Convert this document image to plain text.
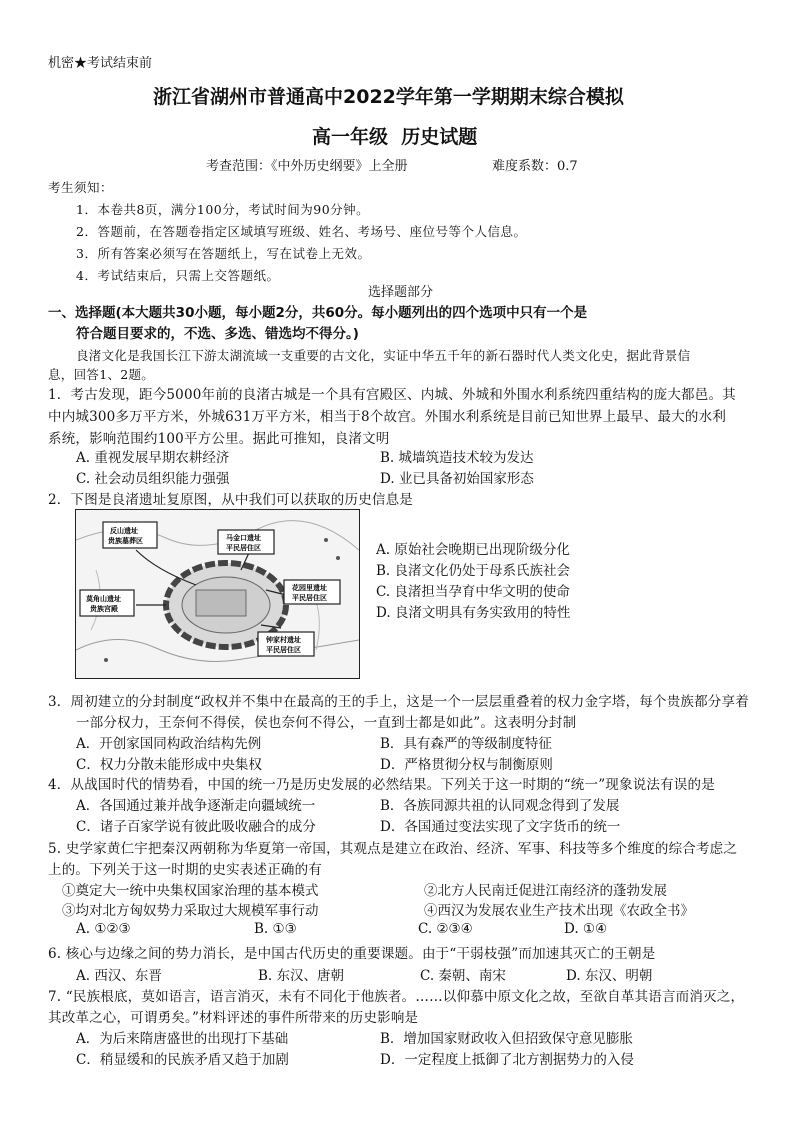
机密★考试结束前
浙江省湖州市普通高中2022学年第一学期期末综合模拟
高一年级  历史试题
考查范围：《中外历史纲要》上全册	难度系数：0.7
考生须知：
1．本卷共8页，满分100分，考试时间为90分钟。
2．答题前，在答题卷指定区域填写班级、姓名、考场号、座位号等个人信息。
3．所有答案必须写在答题纸上，写在试卷上无效。
4．考试结束后，只需上交答题纸。
选择题部分
一、选择题(本大题共30小题，每小题2分，共60分。每小题列出的四个选项中只有一个是
符合题目要求的，不选、多选、错选均不得分。)
良渚文化是我国长江下游太湖流域一支重要的古文化，实证中华五千年的新石器时代人类文化史，据此背景信
息，回答1、2题。
1．考古发现，距今5000年前的良渚古城是一个具有宫殿区、内城、外城和外围水利系统四重结构的庞大都邑。其
中内城300多万平方米，外城631万平方米，相当于8个故宫。外围水利系统是目前已知世界上最早、最大的水利
系统，影响范围约100平方公里。据此可推知，良渚文明
A. 重视发展早期农耕经济	B. 城墙筑造技术较为发达
C. 社会动员组织能力强强	D. 业已具备初始国家形态
2．下图是良渚遗址复原图，从中我们可以获取的历史信息是
反山遗址
贵族墓葬区	马金口遗址
平民居住区
花园里遗址
平民居住区
莫角山遗址
贵族宫殿
钟家村遗址
平民居住区
A. 原始社会晚期已出现阶级分化
B. 良渚文化仍处于母系氏族社会
C. 良渚担当孕育中华文明的使命
D. 良渚文明具有务实致用的特性
3．周初建立的分封制度“政权并不集中在最高的王的手上，这是一个一层层重叠着的权力金字塔，每个贵族都分享着
一部分权力，王奈何不得侯，侯也奈何不得公，一直到士都是如此”。这表明分封制
A．开创家国同构政治结构先例	B．具有森严的等级制度特征
C．权力分散未能形成中央集权	D．严格贯彻分权与制衡原则
4．从战国时代的情势看，中国的统一乃是历史发展的必然结果。下列关于这一时期的“统一”现象说法有误的是
A．各国通过兼并战争逐渐走向疆域统一	B．各族同源共祖的认同观念得到了发展
C．诸子百家学说有彼此吸收融合的成分	D．各国通过变法实现了文字货币的统一
5. 史学家黄仁宇把秦汉两朝称为华夏第一帝国，其观点是建立在政治、经济、军事、科技等多个维度的综合考虑之
上的。下列关于这一时期的史实表述正确的有
①奠定大一统中央集权国家治理的基本模式	②北方人民南迁促进江南经济的蓬勃发展
③均对北方匈奴势力采取过大规模军事行动	④西汉为发展农业生产技术出现《农政全书》
A. ①②③	B. ①③	C. ②③④	D. ①④
6. 核心与边缘之间的势力消长，是中国古代历史的重要课题。由于“干弱枝强”而加速其灭亡的王朝是
A. 西汉、东晋	B. 东汉、唐朝	C. 秦朝、南宋	D. 东汉、明朝
7. “民族根底，莫如语言，语言消灭，未有不同化于他族者。……以仰慕中原文化之故，至欲自革其语言而消灭之，
其改革之心，可谓勇矣。”材料评述的事件所带来的历史影响是
A．为后来隋唐盛世的出现打下基础	B．增加国家财政收入但招致保守意见膨胀
C．稍显缓和的民族矛盾又趋于加剧	D．一定程度上抵御了北方割据势力的入侵
